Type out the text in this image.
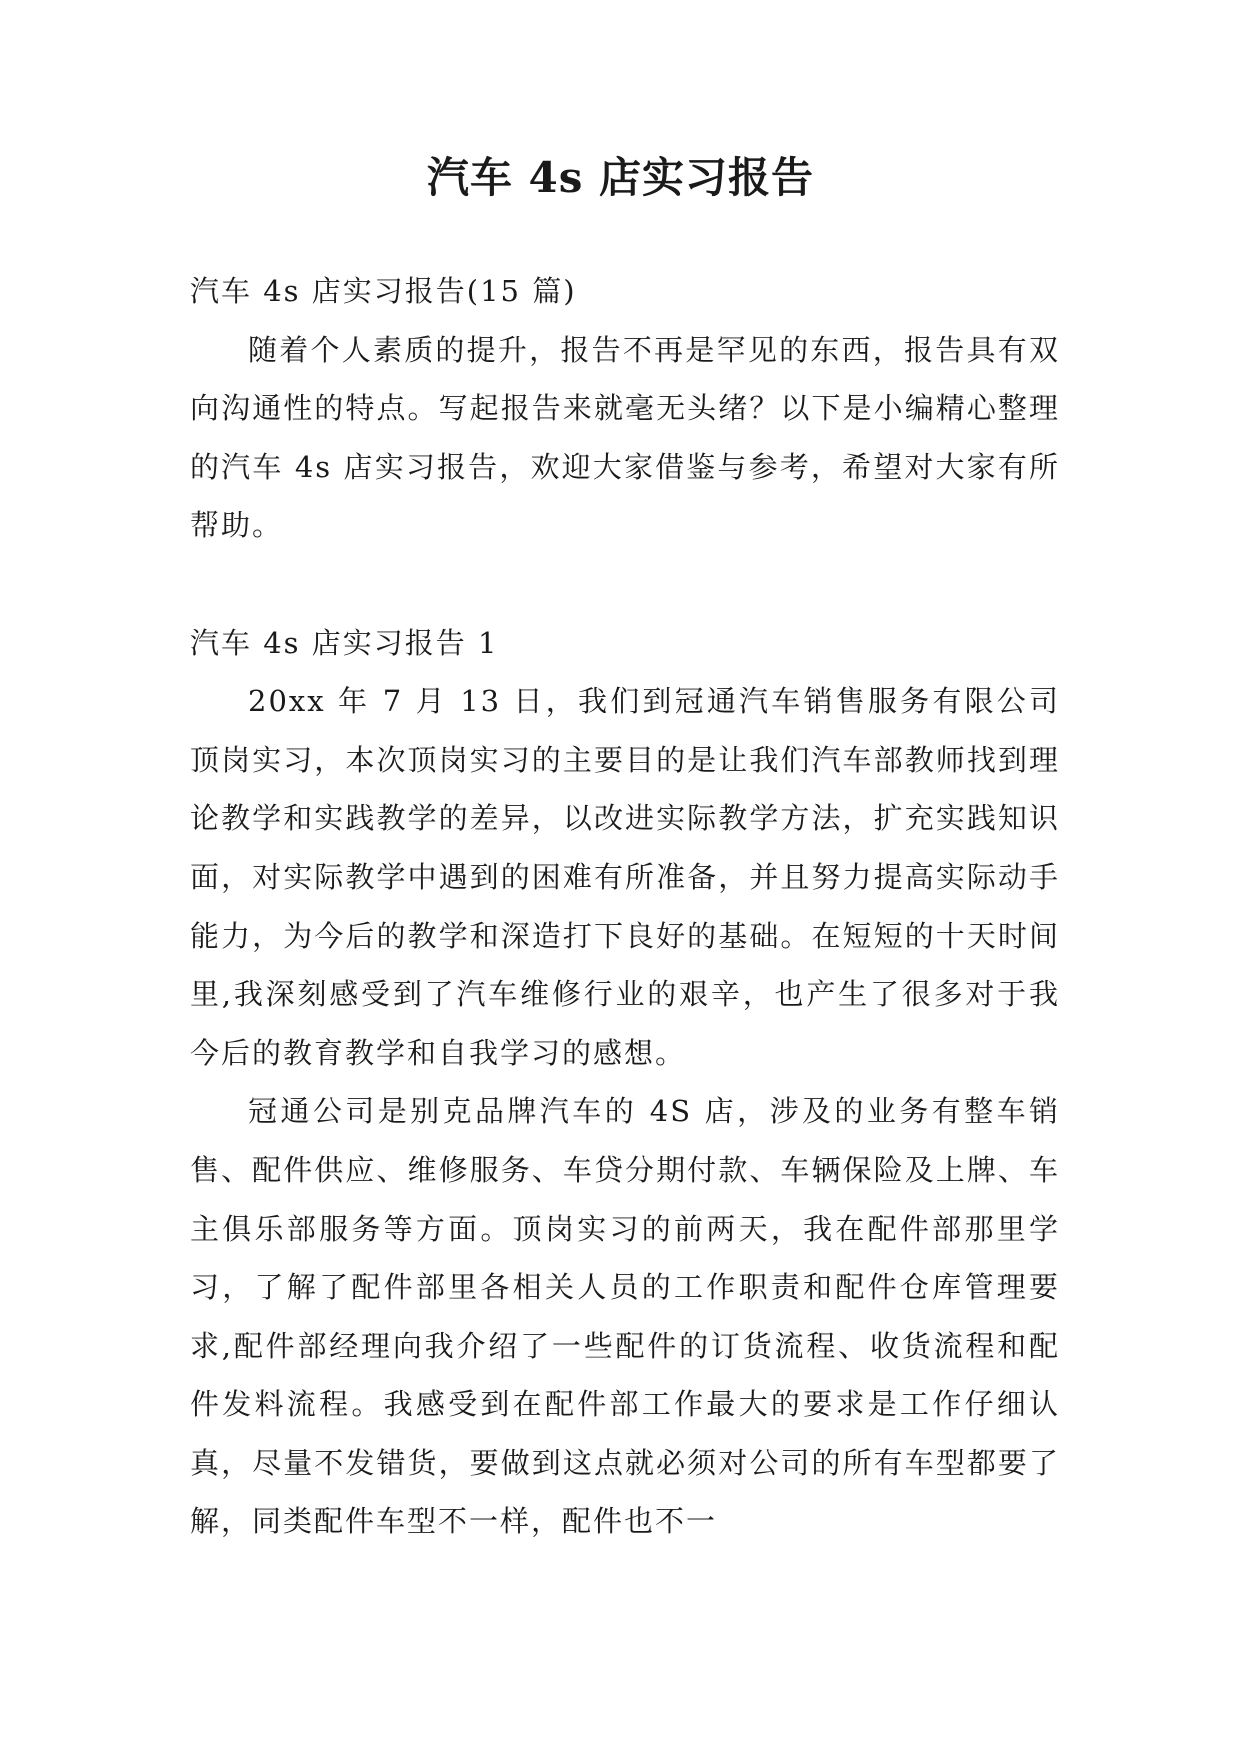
汽车 4s 店实习报告

汽车 4s 店实习报告(15 篇)

随着个人素质的提升，报告不再是罕见的东西，报告具有双向沟通性的特点。写起报告来就毫无头绪？以下是小编精心整理的汽车 4s 店实习报告，欢迎大家借鉴与参考，希望对大家有所帮助。

汽车 4s 店实习报告 1

20xx 年 7 月 13 日，我们到冠通汽车销售服务有限公司顶岗实习，本次顶岗实习的主要目的是让我们汽车部教师找到理论教学和实践教学的差异，以改进实际教学方法，扩充实践知识面，对实际教学中遇到的困难有所准备，并且努力提高实际动手能力，为今后的教学和深造打下良好的基础。在短短的十天时间里,我深刻感受到了汽车维修行业的艰辛，也产生了很多对于我今后的教育教学和自我学习的感想。

冠通公司是别克品牌汽车的 4S 店，涉及的业务有整车销售、配件供应、维修服务、车贷分期付款、车辆保险及上牌、车主俱乐部服务等方面。顶岗实习的前两天，我在配件部那里学习，了解了配件部里各相关人员的工作职责和配件仓库管理要求,配件部经理向我介绍了一些配件的订货流程、收货流程和配件发料流程。我感受到在配件部工作最大的要求是工作仔细认真，尽量不发错货，要做到这点就必须对公司的所有车型都要了解，同类配件车型不一样，配件也不一
